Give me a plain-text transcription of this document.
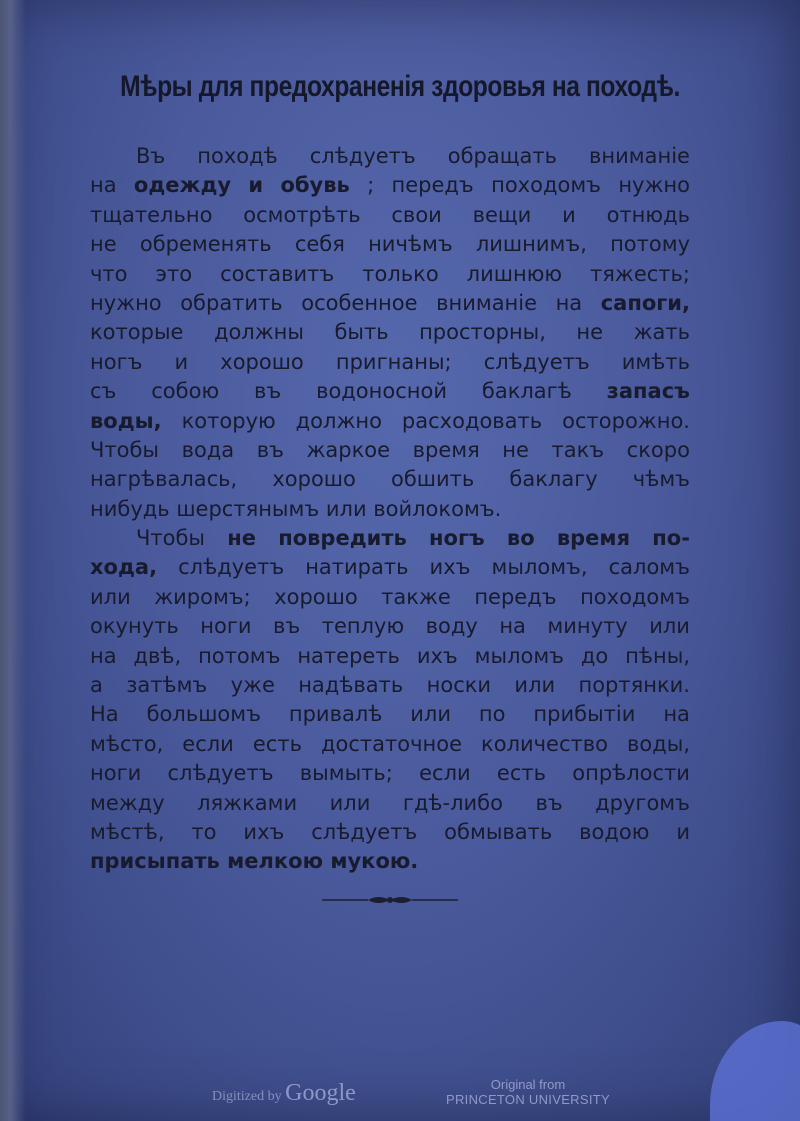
Мѣры для предохраненія здоровья на походѣ.
Въ походѣ слѣдуетъ обращать вниманіе
на одежду и обувь ; передъ походомъ нужно
тщательно осмотрѣть свои вещи и отнюдь
не обременять себя ничѣмъ лишнимъ, потому
что это составитъ только лишнюю тяжесть;
нужно обратить особенное вниманіе на сапоги,
которые должны быть просторны, не жать
ногъ и хорошо пригнаны; слѣдуетъ имѣть
съ собою въ водоносной баклагѣ запасъ
воды, которую должно расходовать осторожно.
Чтобы вода въ жаркое время не такъ скоро
нагрѣвалась, хорошо обшить баклагу чѣмъ
нибудь шерстянымъ или войлокомъ.
Чтобы не повредить ногъ во время по-
хода, слѣдуетъ натирать ихъ мыломъ, саломъ
или жиромъ; хорошо также передъ походомъ
окунуть ноги въ теплую воду на минуту или
на двѣ, потомъ натереть ихъ мыломъ до пѣны,
а затѣмъ уже надѣвать носки или портянки.
На большомъ привалѣ или по прибытіи на
мѣсто, если есть достаточное количество воды,
ноги слѣдуетъ вымыть; если есть опрѣлости
между ляжками или гдѣ-либо въ другомъ
мѣстѣ, то ихъ слѣдуетъ обмывать водою и
присыпать мелкою мукою.
Digitized by Google	Original from
PRINCETON UNIVERSITY
